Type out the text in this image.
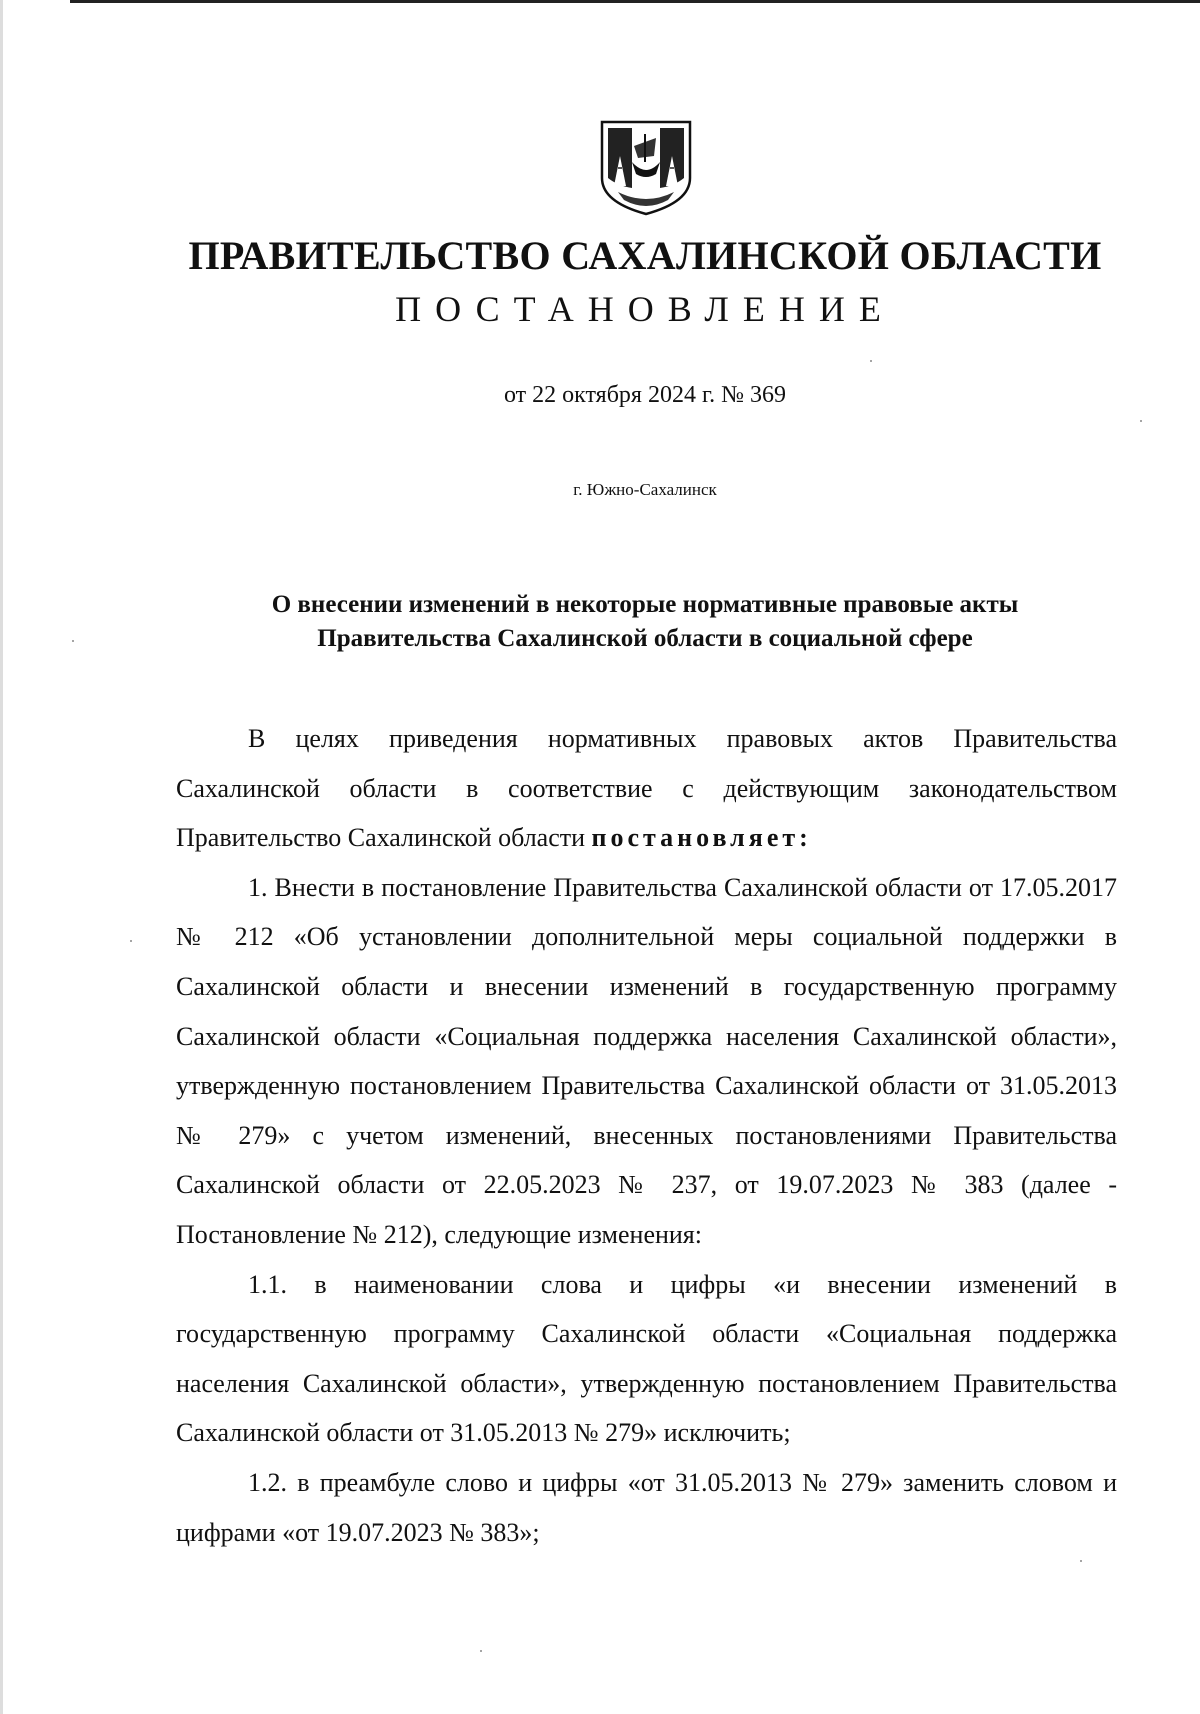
ПРАВИТЕЛЬСТВО САХАЛИНСКОЙ ОБЛАСТИ
ПОСТАНОВЛЕНИЕ
от 22 октября 2024 г. № 369
г. Южно-Сахалинск
О внесении изменений в некоторые нормативные правовые акты
Правительства Сахалинской области в социальной сфере

В целях приведения нормативных правовых актов Правительства Сахалинской области в соответствие с действующим законодательством Правительство Сахалинской области постановляет:

1. Внести в постановление Правительства Сахалинской области от 17.05.2017 № 212 «Об установлении дополнительной меры социальной поддержки в Сахалинской области и внесении изменений в государственную программу Сахалинской области «Социальная поддержка населения Сахалинской области», утвержденную постановлением Правительства Сахалинской области от 31.05.2013 № 279» с учетом изменений, внесенных постановлениями Правительства Сахалинской области от 22.05.2023 № 237, от 19.07.2023 № 383 (далее - Постановление № 212), следующие изменения:

1.1. в наименовании слова и цифры «и внесении изменений в государственную программу Сахалинской области «Социальная поддержка населения Сахалинской области», утвержденную постановлением Правительства Сахалинской области от 31.05.2013 № 279» исключить;

1.2. в преамбуле слово и цифры «от 31.05.2013 № 279» заменить словом и цифрами «от 19.07.2023 № 383»;
